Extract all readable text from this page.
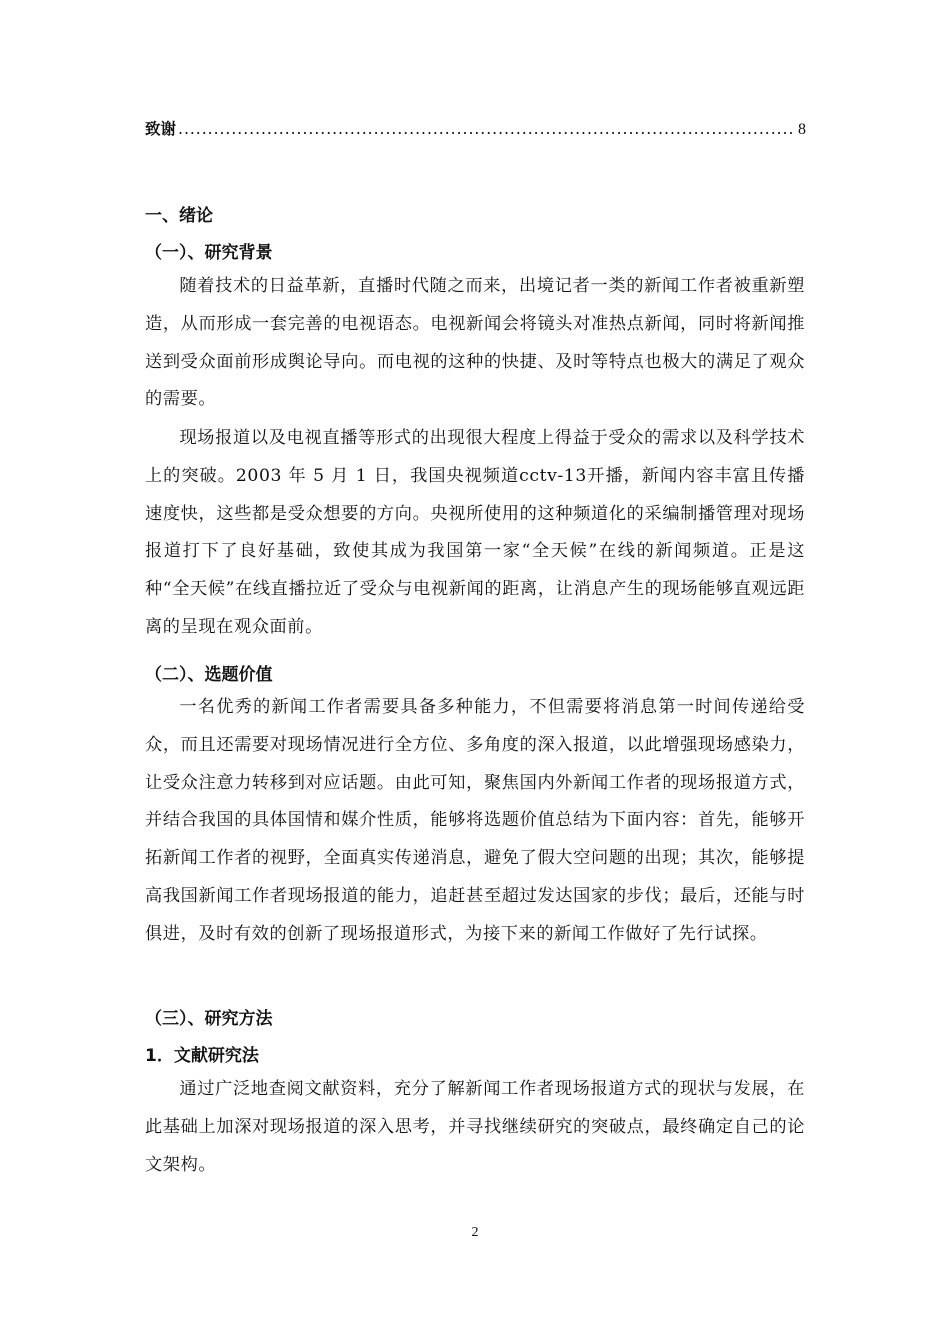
致谢
.....	8
一、绪论
（一）、研究背景

随着技术的日益革新，直播时代随之而来，出境记者一类的新闻工作者被重新塑造，从而形成一套完善的电视语态。电视新闻会将镜头对准热点新闻，同时将新闻推送到受众面前形成舆论导向。而电视的这种的快捷、及时等特点也极大的满足了观众的需要。

现场报道以及电视直播等形式的出现很大程度上得益于受众的需求以及科学技术上的突破。2003 年 5 月 1 日，我国央视频道cctv-13开播，新闻内容丰富且传播速度快，这些都是受众想要的方向。央视所使用的这种频道化的采编制播管理对现场报道打下了良好基础，致使其成为我国第一家“全天候”在线的新闻频道。正是这种“全天候”在线直播拉近了受众与电视新闻的距离，让消息产生的现场能够直观远距离的呈现在观众面前。

（二）、选题价值

一名优秀的新闻工作者需要具备多种能力，不但需要将消息第一时间传递给受众，而且还需要对现场情况进行全方位、多角度的深入报道，以此增强现场感染力，让受众注意力转移到对应话题。由此可知，聚焦国内外新闻工作者的现场报道方式，并结合我国的具体国情和媒介性质，能够将选题价值总结为下面内容：首先，能够开拓新闻工作者的视野，全面真实传递消息，避免了假大空问题的出现；其次，能够提高我国新闻工作者现场报道的能力，追赶甚至超过发达国家的步伐；最后，还能与时俱进，及时有效的创新了现场报道形式，为接下来的新闻工作做好了先行试探。

（三）、研究方法
1．文献研究法

通过广泛地查阅文献资料，充分了解新闻工作者现场报道方式的现状与发展，在此基础上加深对现场报道的深入思考，并寻找继续研究的突破点，最终确定自己的论文架构。

2
